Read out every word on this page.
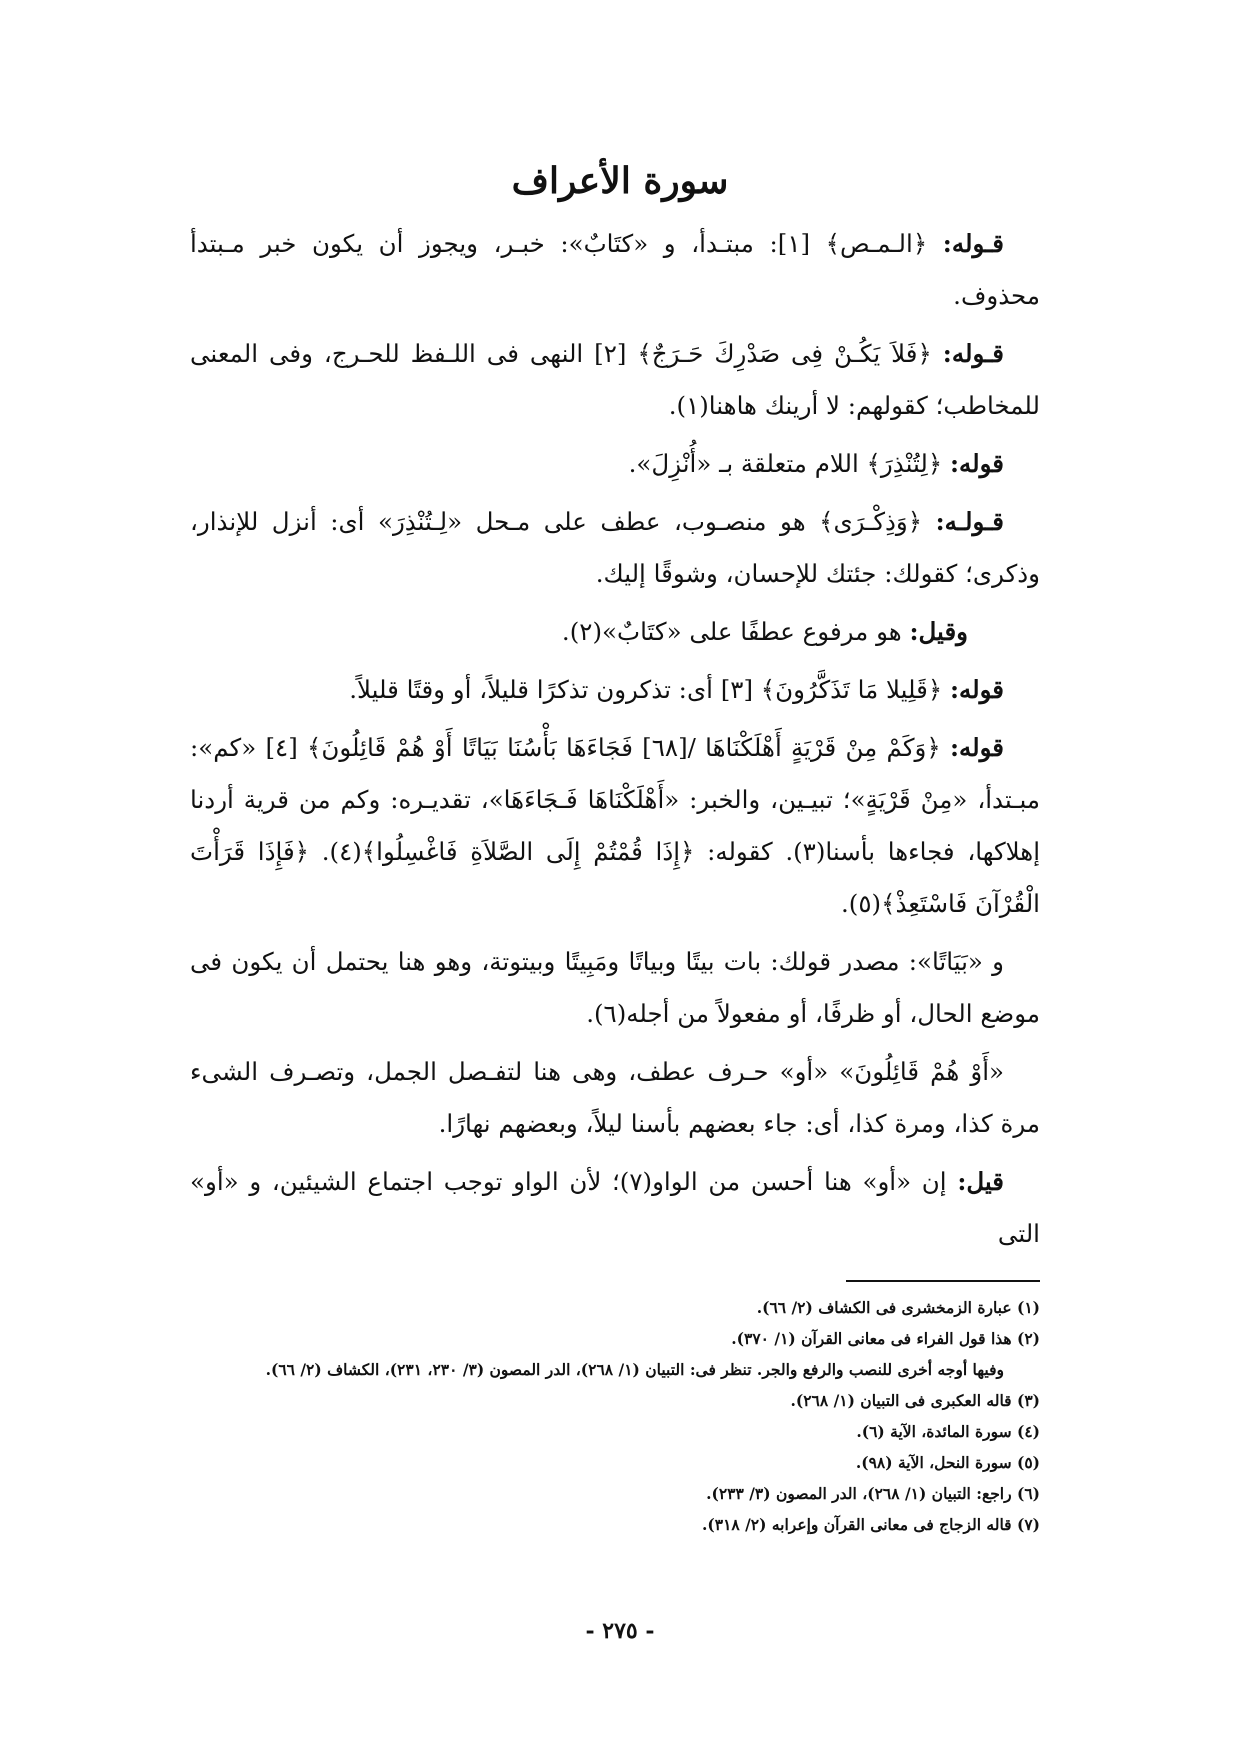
سورة الأعراف

قـوله: ﴿الـمـص﴾ [١]: مبتـدأ، و «كتَابٌ»: خبـر، ويجوز أن يكون خبر مـبتدأ محذوف.

قـوله: ﴿فَلاَ يَكُـنْ فِى صَدْرِكَ حَـرَجٌ﴾ [٢] النهى فى اللـفظ للحـرج، وفى المعنى للمخاطب؛ كقولهم: لا أرينك هاهنا(١).

قوله: ﴿لِتُنْذِرَ﴾ اللام متعلقة بـ «أُنْزِلَ».

قـولـه: ﴿وَذِكْـرَى﴾ هو منصـوب، عطف على مـحل «لِـتُنْذِرَ» أى: أنزل للإنذار، وذكرى؛ كقولك: جئتك للإحسان، وشوقًا إليك.

وقيل: هو مرفوع عطفًا على «كتَابٌ»(٢).

قوله: ﴿قَلِيلا مَا تَذَكَّرُونَ﴾ [٣] أى: تذكرون تذكرًا قليلاً، أو وقتًا قليلاً.

قوله: ﴿وَكَمْ مِنْ قَرْيَةٍ أَهْلَكْنَاهَا /[٦٨] فَجَاءَهَا بَأْسُنَا بَيَاتًا أَوْ هُمْ قَائِلُونَ﴾ [٤] «كم»: مبـتدأ، «مِنْ قَرْيَةٍ»؛ تبيـين، والخبر: «أَهْلَكْنَاهَا فَـجَاءَهَا»، تقديـره: وكم من قرية أردنا إهلاكها، فجاءها بأسنا(٣). كقوله: ﴿إِذَا قُمْتُمْ إِلَى الصَّلاَةِ فَاغْسِلُوا﴾(٤). ﴿فَإِذَا قَرَأْتَ الْقُرْآنَ فَاسْتَعِذْ﴾(٥).

و «بَيَاتًا»: مصدر قولك: بات بيتًا وبياتًا ومَبِيتًا وبيتوتة، وهو هنا يحتمل أن يكون فى موضع الحال، أو ظرفًا، أو مفعولاً من أجله(٦).

«أَوْ هُمْ قَائِلُونَ» «أو» حـرف عطف، وهى هنا لتفـصل الجمل، وتصـرف الشىء مرة كذا، ومرة كذا، أى: جاء بعضهم بأسنا ليلاً، وبعضهم نهارًا.

قيل: إن «أو» هنا أحسن من الواو(٧)؛ لأن الواو توجب اجتماع الشيئين، و «أو» التى

(١) عبارة الزمخشرى فى الكشاف (٢/ ٦٦).
(٢) هذا قول الفراء فى معانى القرآن (١/ ٣٧٠).
وفيها أوجه أخرى للنصب والرفع والجر. تنظر فى: التبيان (١/ ٢٦٨)، الدر المصون (٣/ ٢٣٠، ٢٣١)، الكشاف (٢/ ٦٦).
(٣) قاله العكبرى فى التبيان (١/ ٢٦٨).
(٤) سورة المائدة، الآية (٦).
(٥) سورة النحل، الآية (٩٨).
(٦) راجع: التبيان (١/ ٢٦٨)، الدر المصون (٣/ ٢٣٣).
(٧) قاله الزجاج فى معانى القرآن وإعرابه (٢/ ٣١٨).
- ٢٧٥ -
